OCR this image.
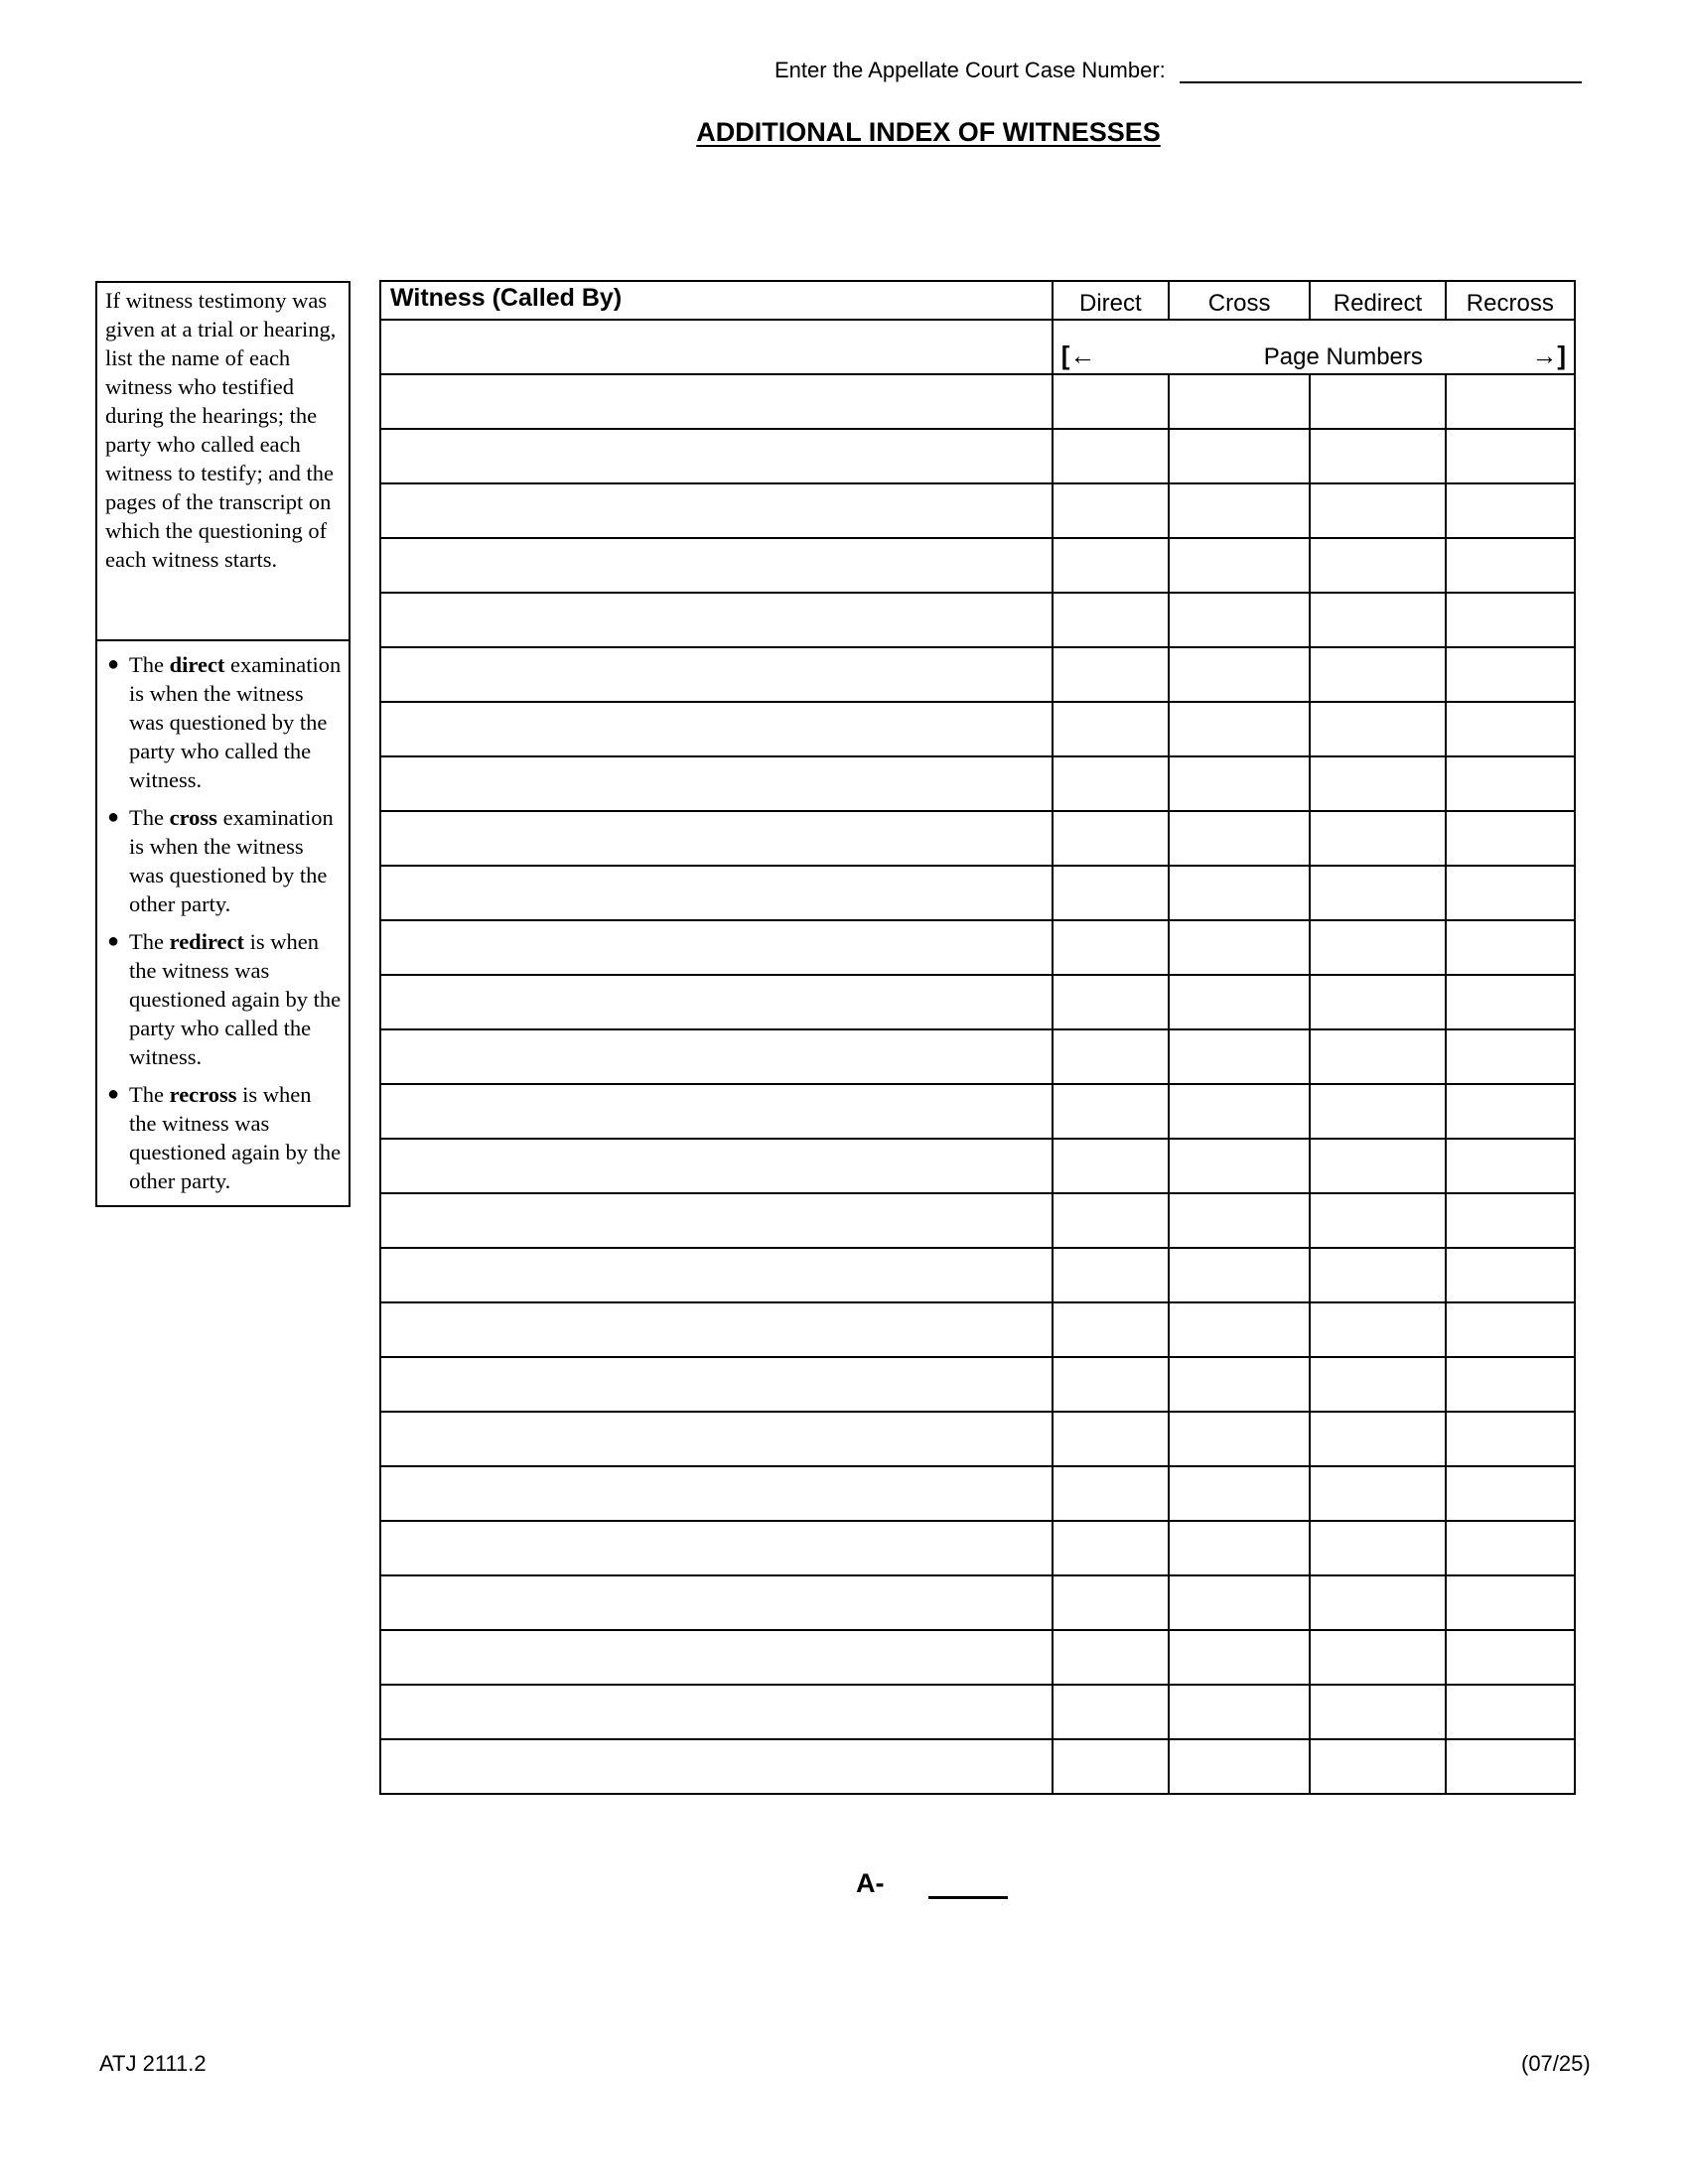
Enter the Appellate Court Case Number:
ADDITIONAL INDEX OF WITNESSES
If witness testimony was given at a trial or hearing, list the name of each witness who testified during the hearings; the party who called each witness to testify; and the pages of the transcript on which the questioning of each witness starts.
● The direct examination is when the witness was questioned by the party who called the witness.
● The cross examination is when the witness was questioned by the other party.
● The redirect is when the witness was questioned again by the party who called the witness.
● The recross is when the witness was questioned again by the other party.
Witness (Called By)	Direct	Cross	Redirect	Recross

	[← Page Numbers →]			

A-
ATJ 2111.2	(07/25)
